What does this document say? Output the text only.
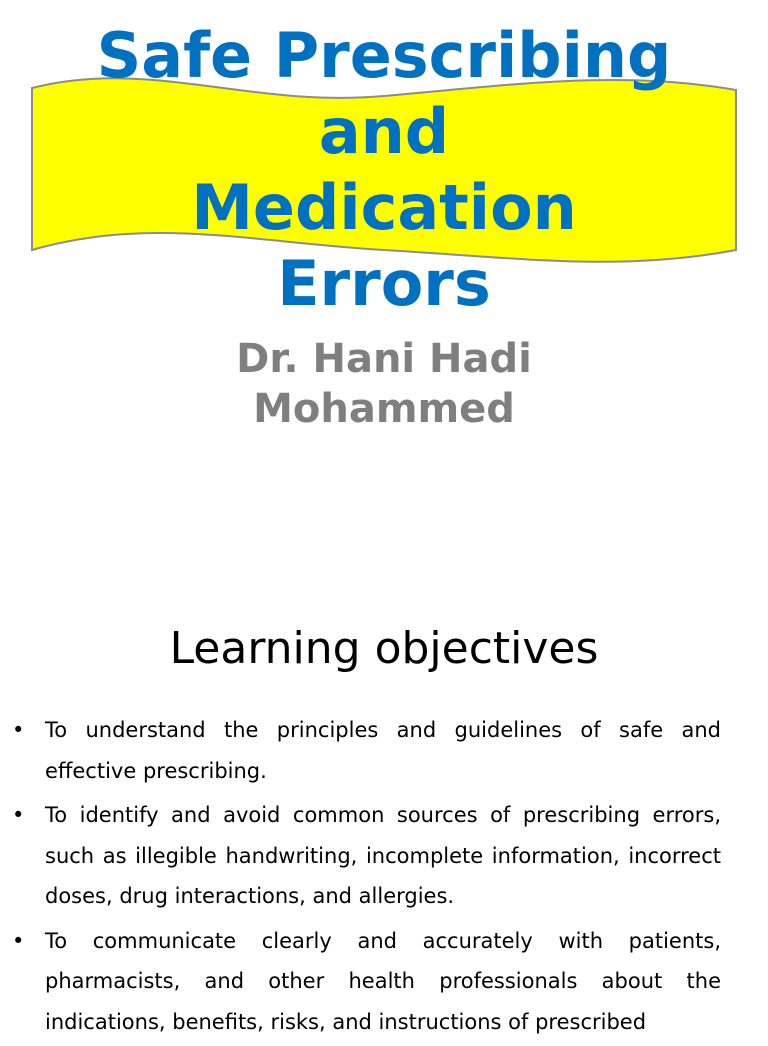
Safe Prescribing
and
Medication
Errors
Dr. Hani Hadi
Mohammed
Learning objectives
• To understand the principles and guidelines of safe and effective prescribing.
• To identify and avoid common sources of prescribing errors, such as illegible handwriting, incomplete information, incorrect doses, drug interactions, and allergies.
• To communicate clearly and accurately with patients, pharmacists, and other health professionals about the indications, benefits, risks, and instructions of prescribed
